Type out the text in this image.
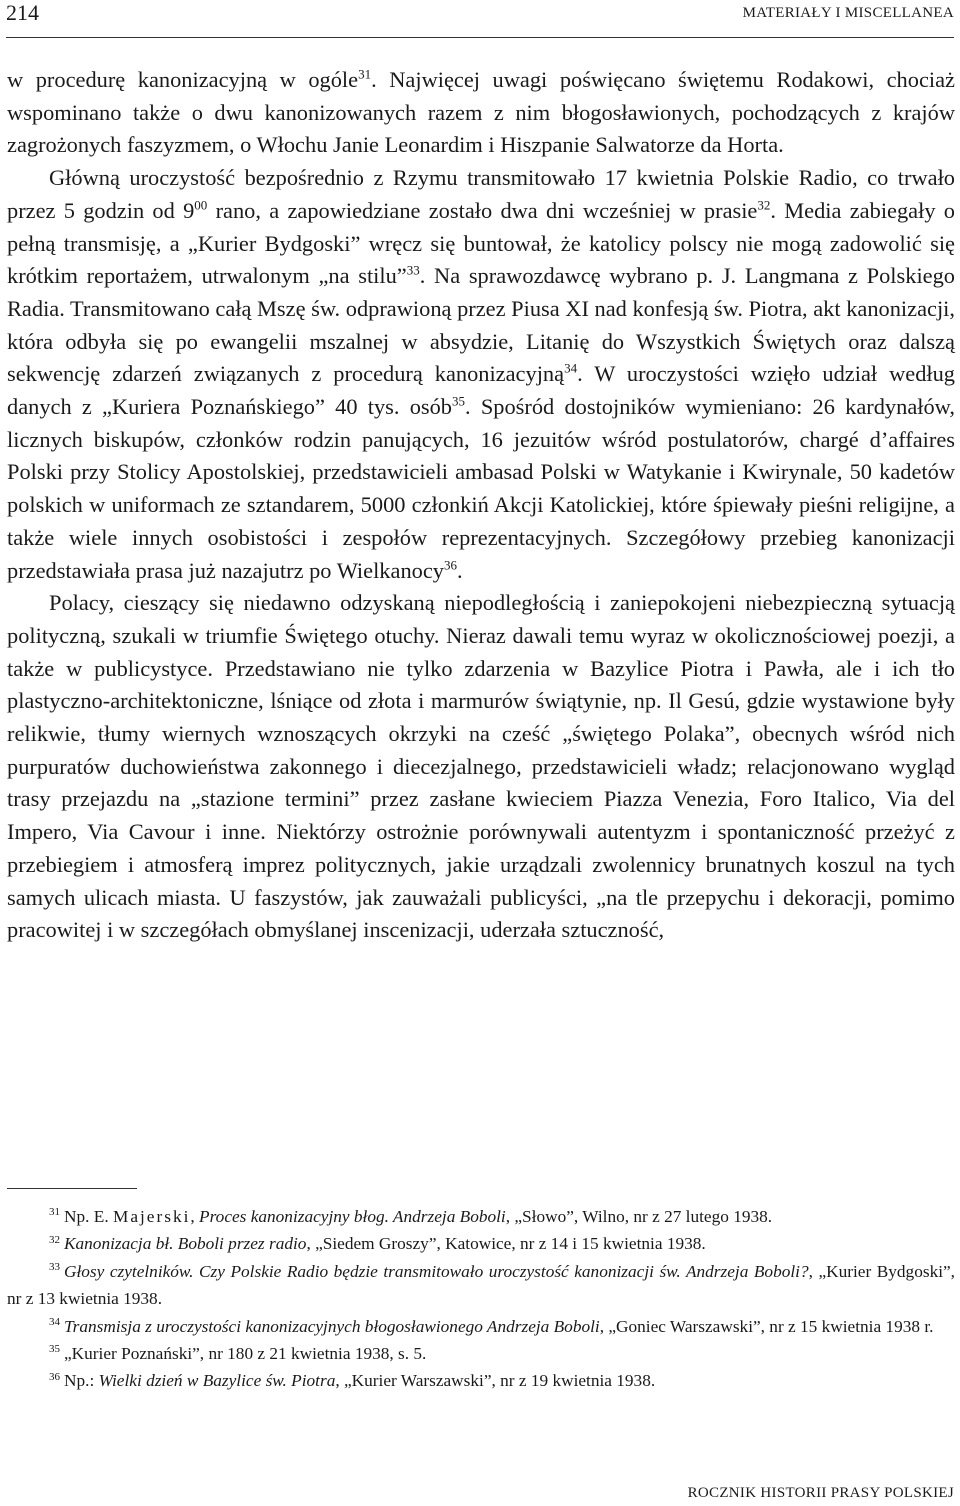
214	MATERIAŁY I MISCELLANEA

w procedurę kanonizacyjną w ogóle$^{31}$. Najwięcej uwagi poświęcano świętemu Rodakowi, chociaż wspominano także o dwu kanonizowanych razem z nim błogosławionych, pochodzących z krajów zagrożonych faszyzmem, o Włochu Janie Leonardim i Hiszpanie Salwatorze da Horta.

Główną uroczystość bezpośrednio z Rzymu transmitowało 17 kwietnia Polskie Radio, co trwało przez 5 godzin od 9$^{00}$ rano, a zapowiedziane zostało dwa dni wcześniej w prasie$^{32}$. Media zabiegały o pełną transmisję, a „Kurier Bydgoski” wręcz się buntował, że katolicy polscy nie mogą zadowolić się krótkim reportażem, utrwalonym „na stilu”$^{33}$. Na sprawozdawcę wybrano p. J. Langmana z Polskiego Radia. Transmitowano całą Mszę św. odprawioną przez Piusa XI nad konfesją św. Piotra, akt kanonizacji, która odbyła się po ewangelii mszalnej w absydzie, Litanię do Wszystkich Świętych oraz dalszą sekwencję zdarzeń związanych z procedurą kanonizacyjną$^{34}$. W uroczystości wzięło udział według danych z „Kuriera Poznańskiego” 40 tys. osób$^{35}$. Spośród dostojników wymieniano: 26 kardynałów, licznych biskupów, członków rodzin panujących, 16 jezuitów wśród postulatorów, chargé d’affaires Polski przy Stolicy Apostolskiej, przedstawicieli ambasad Polski w Watykanie i Kwirynale, 50 kadetów polskich w uniformach ze sztandarem, 5000 członkiń Akcji Katolickiej, które śpiewały pieśni religijne, a także wiele innych osobistości i zespołów reprezentacyjnych. Szczegółowy przebieg kanonizacji przedstawiała prasa już nazajutrz po Wielkanocy$^{36}$.

Polacy, cieszący się niedawno odzyskaną niepodległością i zaniepokojeni niebezpieczną sytuacją polityczną, szukali w triumfie Świętego otuchy. Nieraz dawali temu wyraz w okolicznościowej poezji, a także w publicystyce. Przedstawiano nie tylko zdarzenia w Bazylice Piotra i Pawła, ale i ich tło plastyczno-architektoniczne, lśniące od złota i marmurów świątynie, np. Il Gesú, gdzie wystawione były relikwie, tłumy wiernych wznoszących okrzyki na cześć „świętego Polaka”, obecnych wśród nich purpuratów duchowieństwa zakonnego i diecezjalnego, przedstawicieli władz; relacjonowano wygląd trasy przejazdu na „stazione termini” przez zasłane kwieciem Piazza Venezia, Foro Italico, Via del Impero, Via Cavour i inne. Niektórzy ostrożnie porównywali autentyzm i spontaniczność przeżyć z przebiegiem i atmosferą imprez politycznych, jakie urządzali zwolennicy brunatnych koszul na tych samych ulicach miasta. U faszystów, jak zauważali publicyści, „na tle przepychu i dekoracji, pomimo pracowitej i w szczegółach obmyślanej inscenizacji, uderzała sztuczność,

$^{31}$ Np. E. Majerski, Proces kanonizacyjny błog. Andrzeja Boboli, „Słowo”, Wilno, nr z 27 lutego 1938.

$^{32}$ Kanonizacja bł. Boboli przez radio, „Siedem Groszy”, Katowice, nr z 14 i 15 kwietnia 1938.

$^{33}$ Głosy czytelników. Czy Polskie Radio będzie transmitowało uroczystość kanonizacji św. Andrzeja Boboli?, „Kurier Bydgoski”, nr z 13 kwietnia 1938.

$^{34}$ Transmisja z uroczystości kanonizacyjnych błogosławionego Andrzeja Boboli, „Goniec Warszawski”, nr z 15 kwietnia 1938 r.

$^{35}$ „Kurier Poznański”, nr 180 z 21 kwietnia 1938, s. 5.

$^{36}$ Np.: Wielki dzień w Bazylice św. Piotra, „Kurier Warszawski”, nr z 19 kwietnia 1938.

ROCZNIK HISTORII PRASY POLSKIEJ
